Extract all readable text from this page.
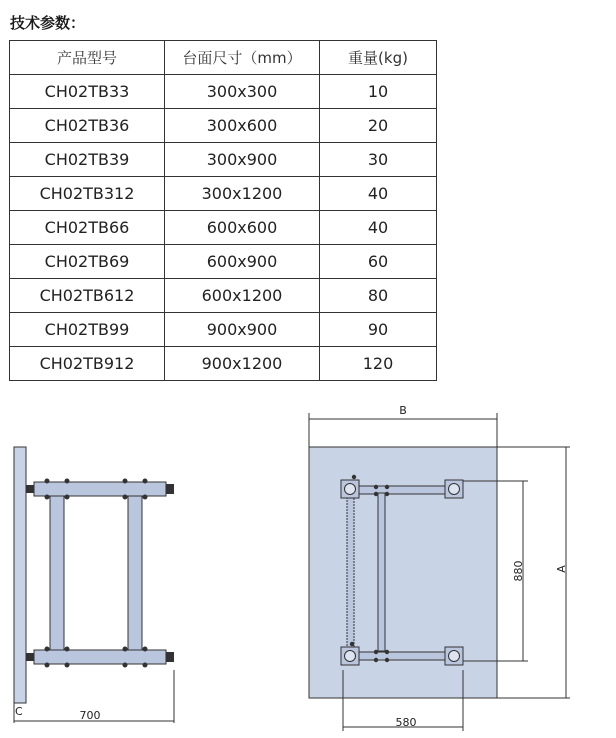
技术参数：
产品型号	台面尺寸（mm）	重量(kg)
CH02TB33	300x300	10
CH02TB36	300x600	20
CH02TB39	300x900	30
CH02TB312	300x1200	40
CH02TB66	600x600	40
CH02TB69	600x900	60
CH02TB612	600x1200	80
CH02TB99	900x900	90
CH02TB912	900x1200	120
C	700
B
A
880
580
